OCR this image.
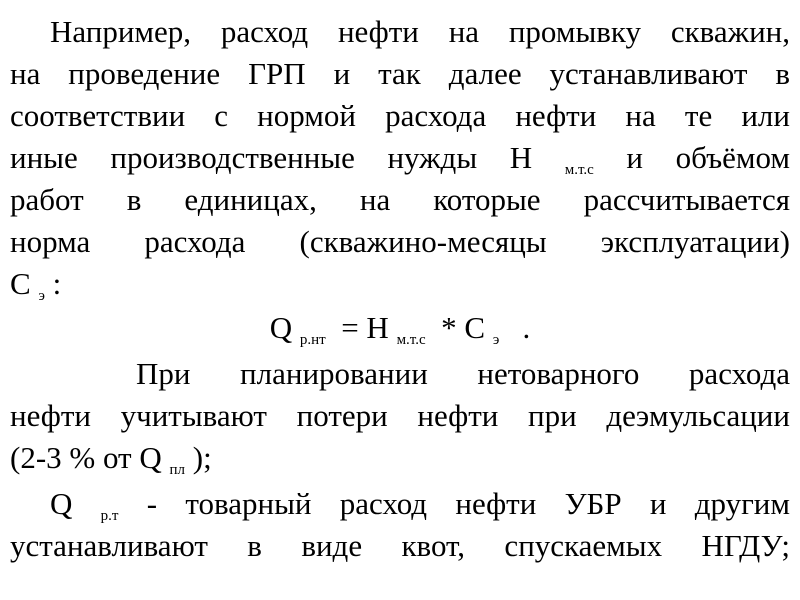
Например, расход нефти на промывку скважин,
на проведение ГРП и так далее устанавливают в
соответствии с нормой расхода нефти на те или
иные производственные нужды Н $_{м.т.с}$ и объёмом
работ в единицах, на которые рассчитывается
норма расхода (скважино-месяцы эксплуатации)
С $_э$ :
Q $_{р.нт}$ = Н $_{м.т.с}$ * С $_э$ .
При планировании нетоварного расхода
нефти учитывают потери нефти при деэмульсации
(2-3 % от Q $_{пл}$ );
Q $_{р.т}$ - товарный расход нефти УБР и другим
устанавливают в виде квот, спускаемых НГДУ;
